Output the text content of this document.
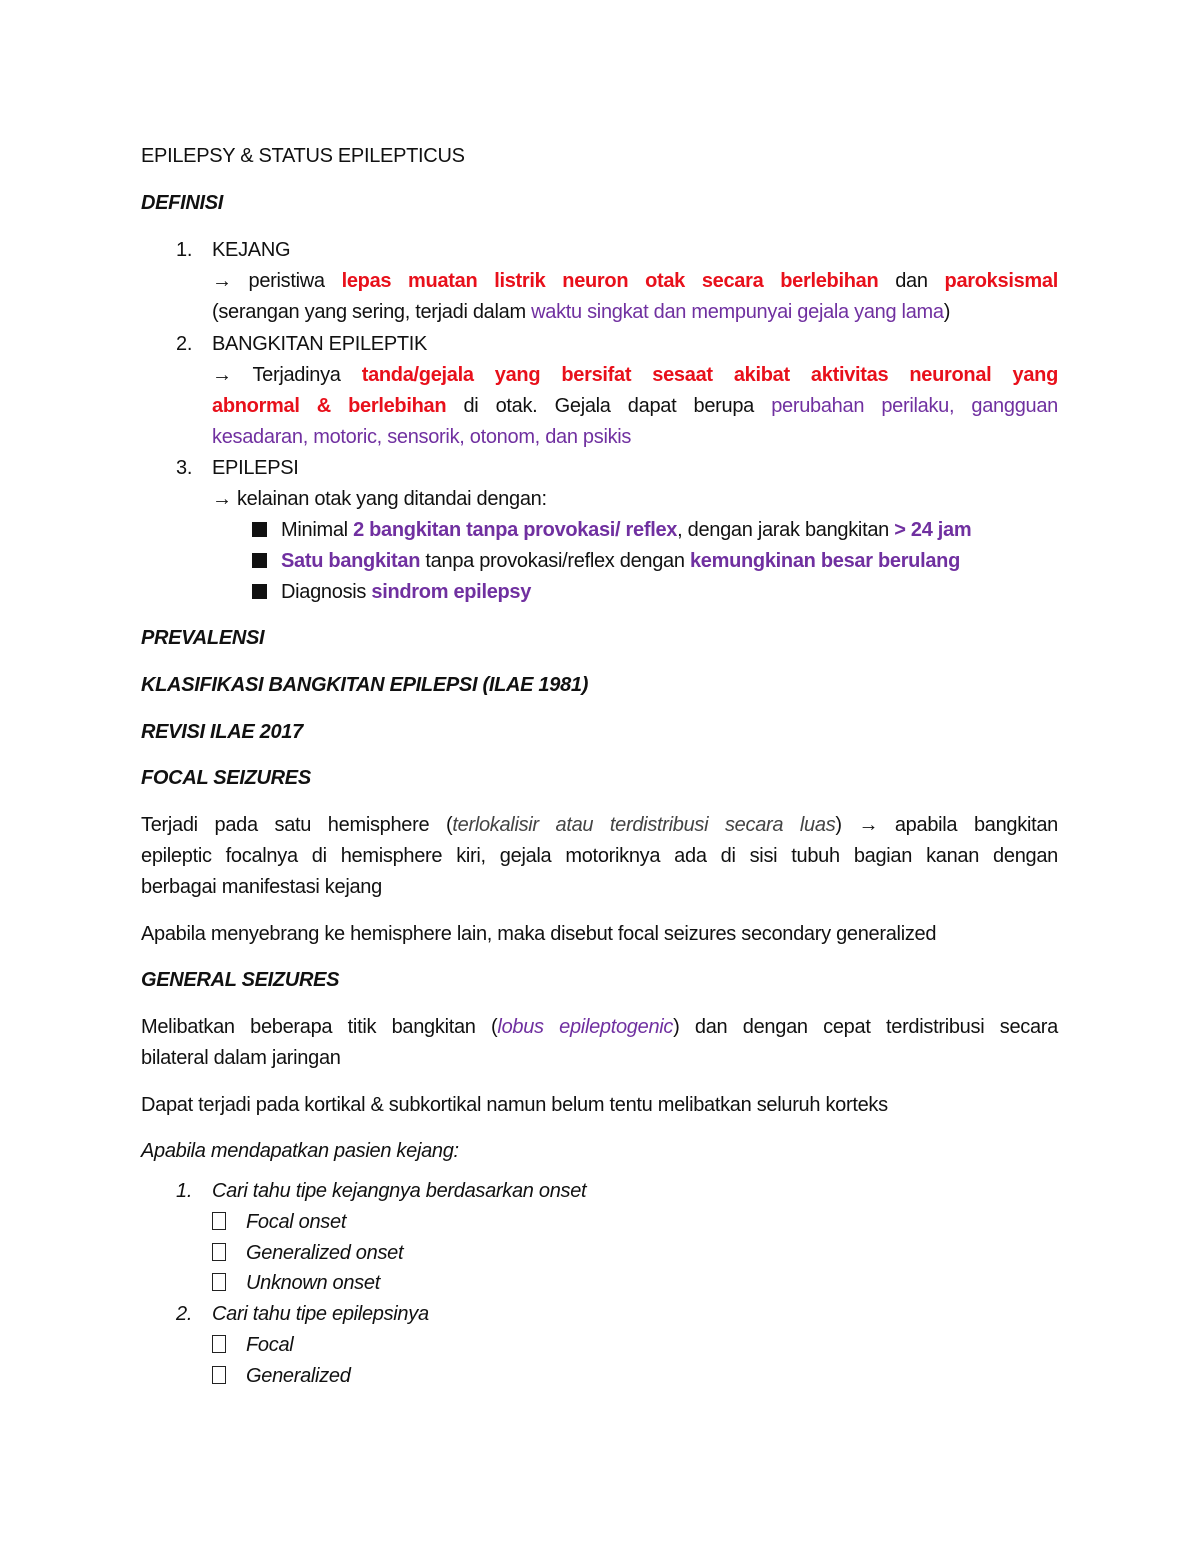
EPILEPSY & STATUS EPILEPTICUS
DEFINISI
1. KEJANG
→ peristiwa lepas muatan listrik neuron otak secara berlebihan dan paroksismal
(serangan yang sering, terjadi dalam waktu singkat dan mempunyai gejala yang lama)
2. BANGKITAN EPILEPTIK
→ Terjadinya tanda/gejala yang bersifat sesaat akibat aktivitas neuronal yang
abnormal & berlebihan di otak. Gejala dapat berupa perubahan perilaku, gangguan
kesadaran, motoric, sensorik, otonom, dan psikis
3. EPILEPSI
→ kelainan otak yang ditandai dengan:
Minimal 2 bangkitan tanpa provokasi/ reflex, dengan jarak bangkitan > 24 jam
Satu bangkitan tanpa provokasi/reflex dengan kemungkinan besar berulang
Diagnosis sindrom epilepsy
PREVALENSI
KLASIFIKASI BANGKITAN EPILEPSI (ILAE 1981)
REVISI ILAE 2017
FOCAL SEIZURES
Terjadi pada satu hemisphere (terlokalisir atau terdistribusi secara luas) → apabila bangkitan
epileptic focalnya di hemisphere kiri, gejala motoriknya ada di sisi tubuh bagian kanan dengan
berbagai manifestasi kejang
Apabila menyebrang ke hemisphere lain, maka disebut focal seizures secondary generalized
GENERAL SEIZURES
Melibatkan beberapa titik bangkitan (lobus epileptogenic) dan dengan cepat terdistribusi secara
bilateral dalam jaringan
Dapat terjadi pada kortikal & subkortikal namun belum tentu melibatkan seluruh korteks
Apabila mendapatkan pasien kejang:
1. Cari tahu tipe kejangnya berdasarkan onset
Focal onset
Generalized onset
Unknown onset
2. Cari tahu tipe epilepsinya
Focal
Generalized
